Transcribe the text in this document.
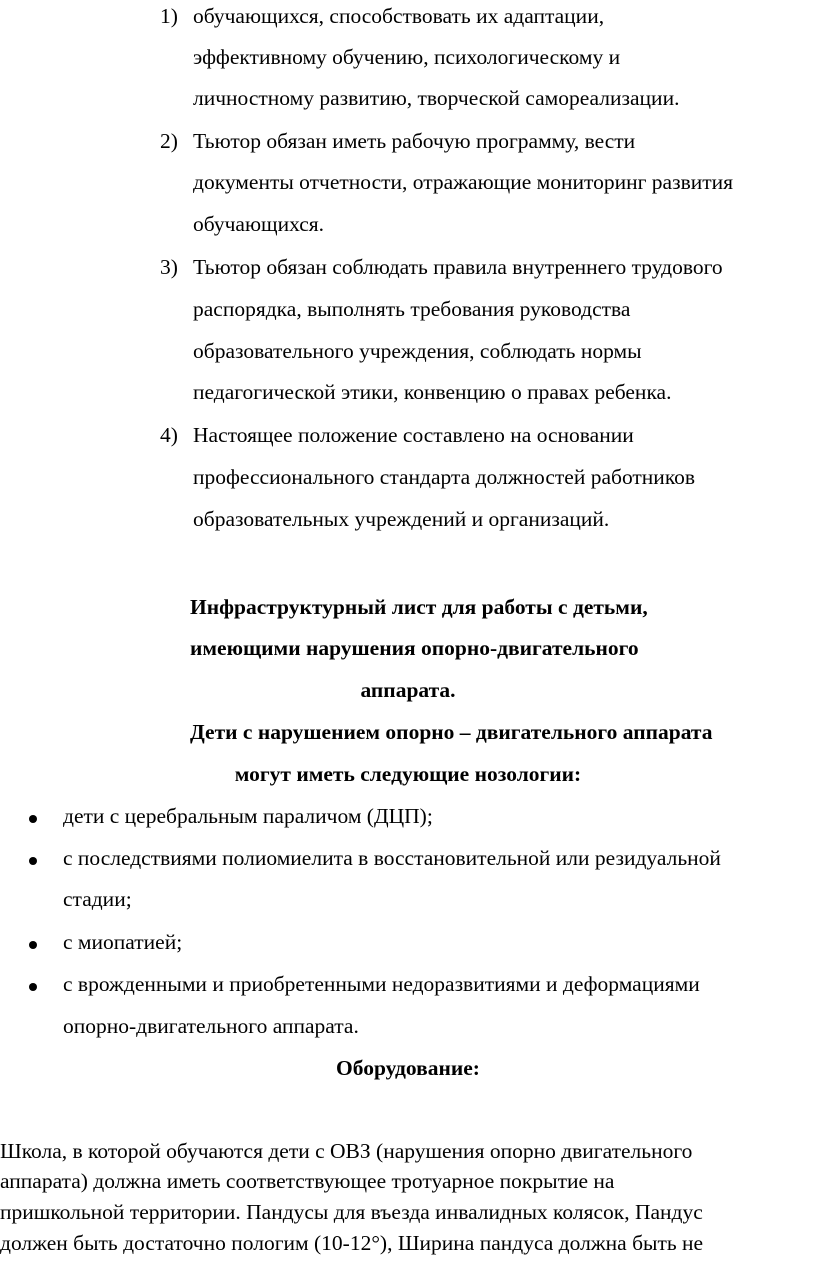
1) обучающихся, способствовать их адаптации,
эффективному обучению, психологическому и
личностному развитию, творческой самореализации.
2) Тьютор обязан иметь рабочую программу, вести
документы отчетности, отражающие мониторинг развития
обучающихся.
3) Тьютор обязан соблюдать правила внутреннего трудового
распорядка, выполнять требования руководства
образовательного учреждения, соблюдать нормы
педагогической этики, конвенцию о правах ребенка.
4) Настоящее положение составлено на основании
профессионального стандарта должностей работников
образовательных учреждений и организаций.
Инфраструктурный лист для работы с детьми,
имеющими нарушения опорно-двигательного
аппарата.
Дети с нарушением опорно – двигательного аппарата
могут иметь следующие нозологии:
дети с церебральным параличом (ДЦП);
с последствиями полиомиелита в восстановительной или резидуальной
стадии;
с миопатией;
с врожденными и приобретенными недоразвитиями и деформациями
опорно-двигательного аппарата.
Оборудование:
Школа, в которой обучаются дети с ОВЗ (нарушения опорно двигательного
аппарата) должна иметь соответствующее тротуарное покрытие на
пришкольной территории. Пандусы для въезда инвалидных колясок, Пандус
должен быть достаточно пологим (10-12°), Ширина пандуса должна быть не
